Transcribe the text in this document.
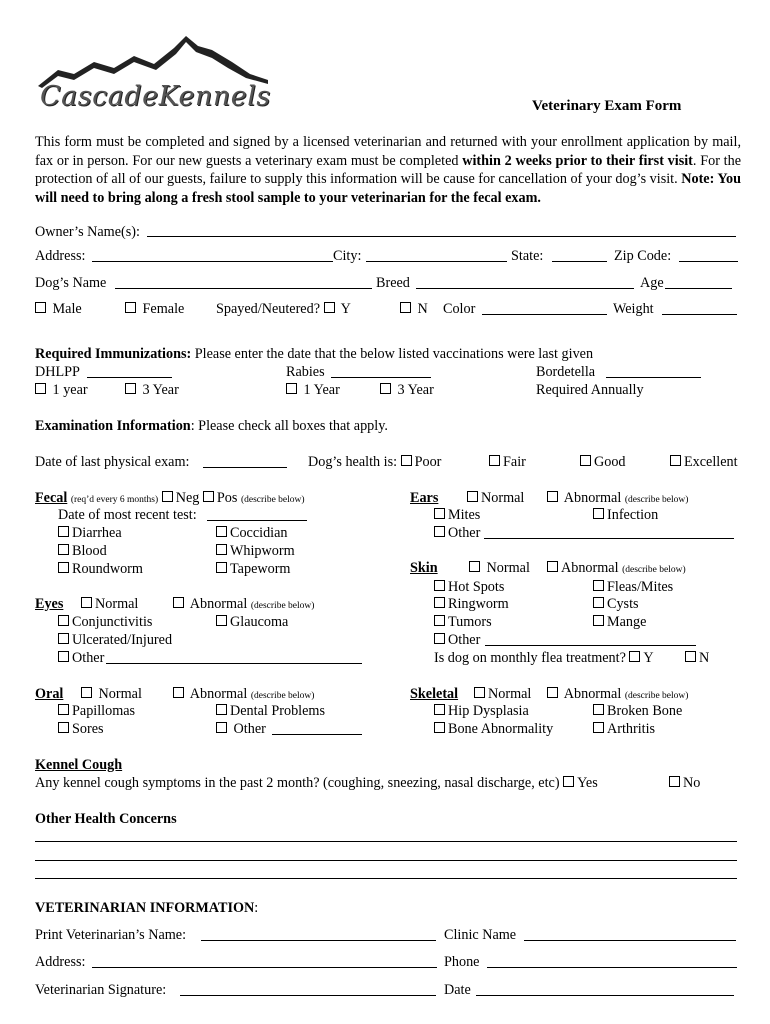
CascadeKennels	Veterinary Exam Form
This form must be completed and signed by a licensed veterinarian and returned with your enrollment application by mail, fax or in person. For our new guests a veterinary exam must be completed within 2 weeks prior to their first visit. For the protection of all of our guests, failure to supply this information will be cause for cancellation of your dog’s visit. Note: You will need to bring along a fresh stool sample to your veterinarian for the fecal exam.
Owner’s Name(s):
Address:	City:	State:	Zip Code:
Dog’s Name	Breed	Age
Male	Female Spayed/Neutered? Y	N Color	Weight
Required Immunizations: Please enter the date that the below listed vaccinations were last given
DHLPP	Rabies	Bordetella
1 year	3 Year	1 Year	3 Year	Required Annually
Examination Information: Please check all boxes that apply.
Date of last physical exam:	Dog’s health is: Poor	Fair	Good	Excellent
Fecal (req’d every 6 months) Neg Pos (describe below)
Date of most recent test:
Diarrhea	Coccidian
Blood	Whipworm
Roundworm	Tapeworm
Ears	Normal	Abnormal (describe below)
Mites	Infection
Other
Skin	Normal	Abnormal (describe below)
Hot Spots	Fleas/Mites
Ringworm	Cysts
Tumors	Mange
Other
Is dog on monthly flea treatment? Y	N
Eyes	Normal	Abnormal (describe below)
Conjunctivitis	Glaucoma
Ulcerated/Injured
Other
Oral	Normal	Abnormal (describe below)
Papillomas	Dental Problems
Sores	Other
Skeletal	Normal	Abnormal (describe below)
Hip Dysplasia	Broken Bone
Bone Abnormality	Arthritis
Kennel Cough
Any kennel cough symptoms in the past 2 month? (coughing, sneezing, nasal discharge, etc) Yes	No
Other Health Concerns
VETERINARIAN INFORMATION:
Print Veterinarian’s Name:	Clinic Name
Address:	Phone
Veterinarian Signature:	Date
